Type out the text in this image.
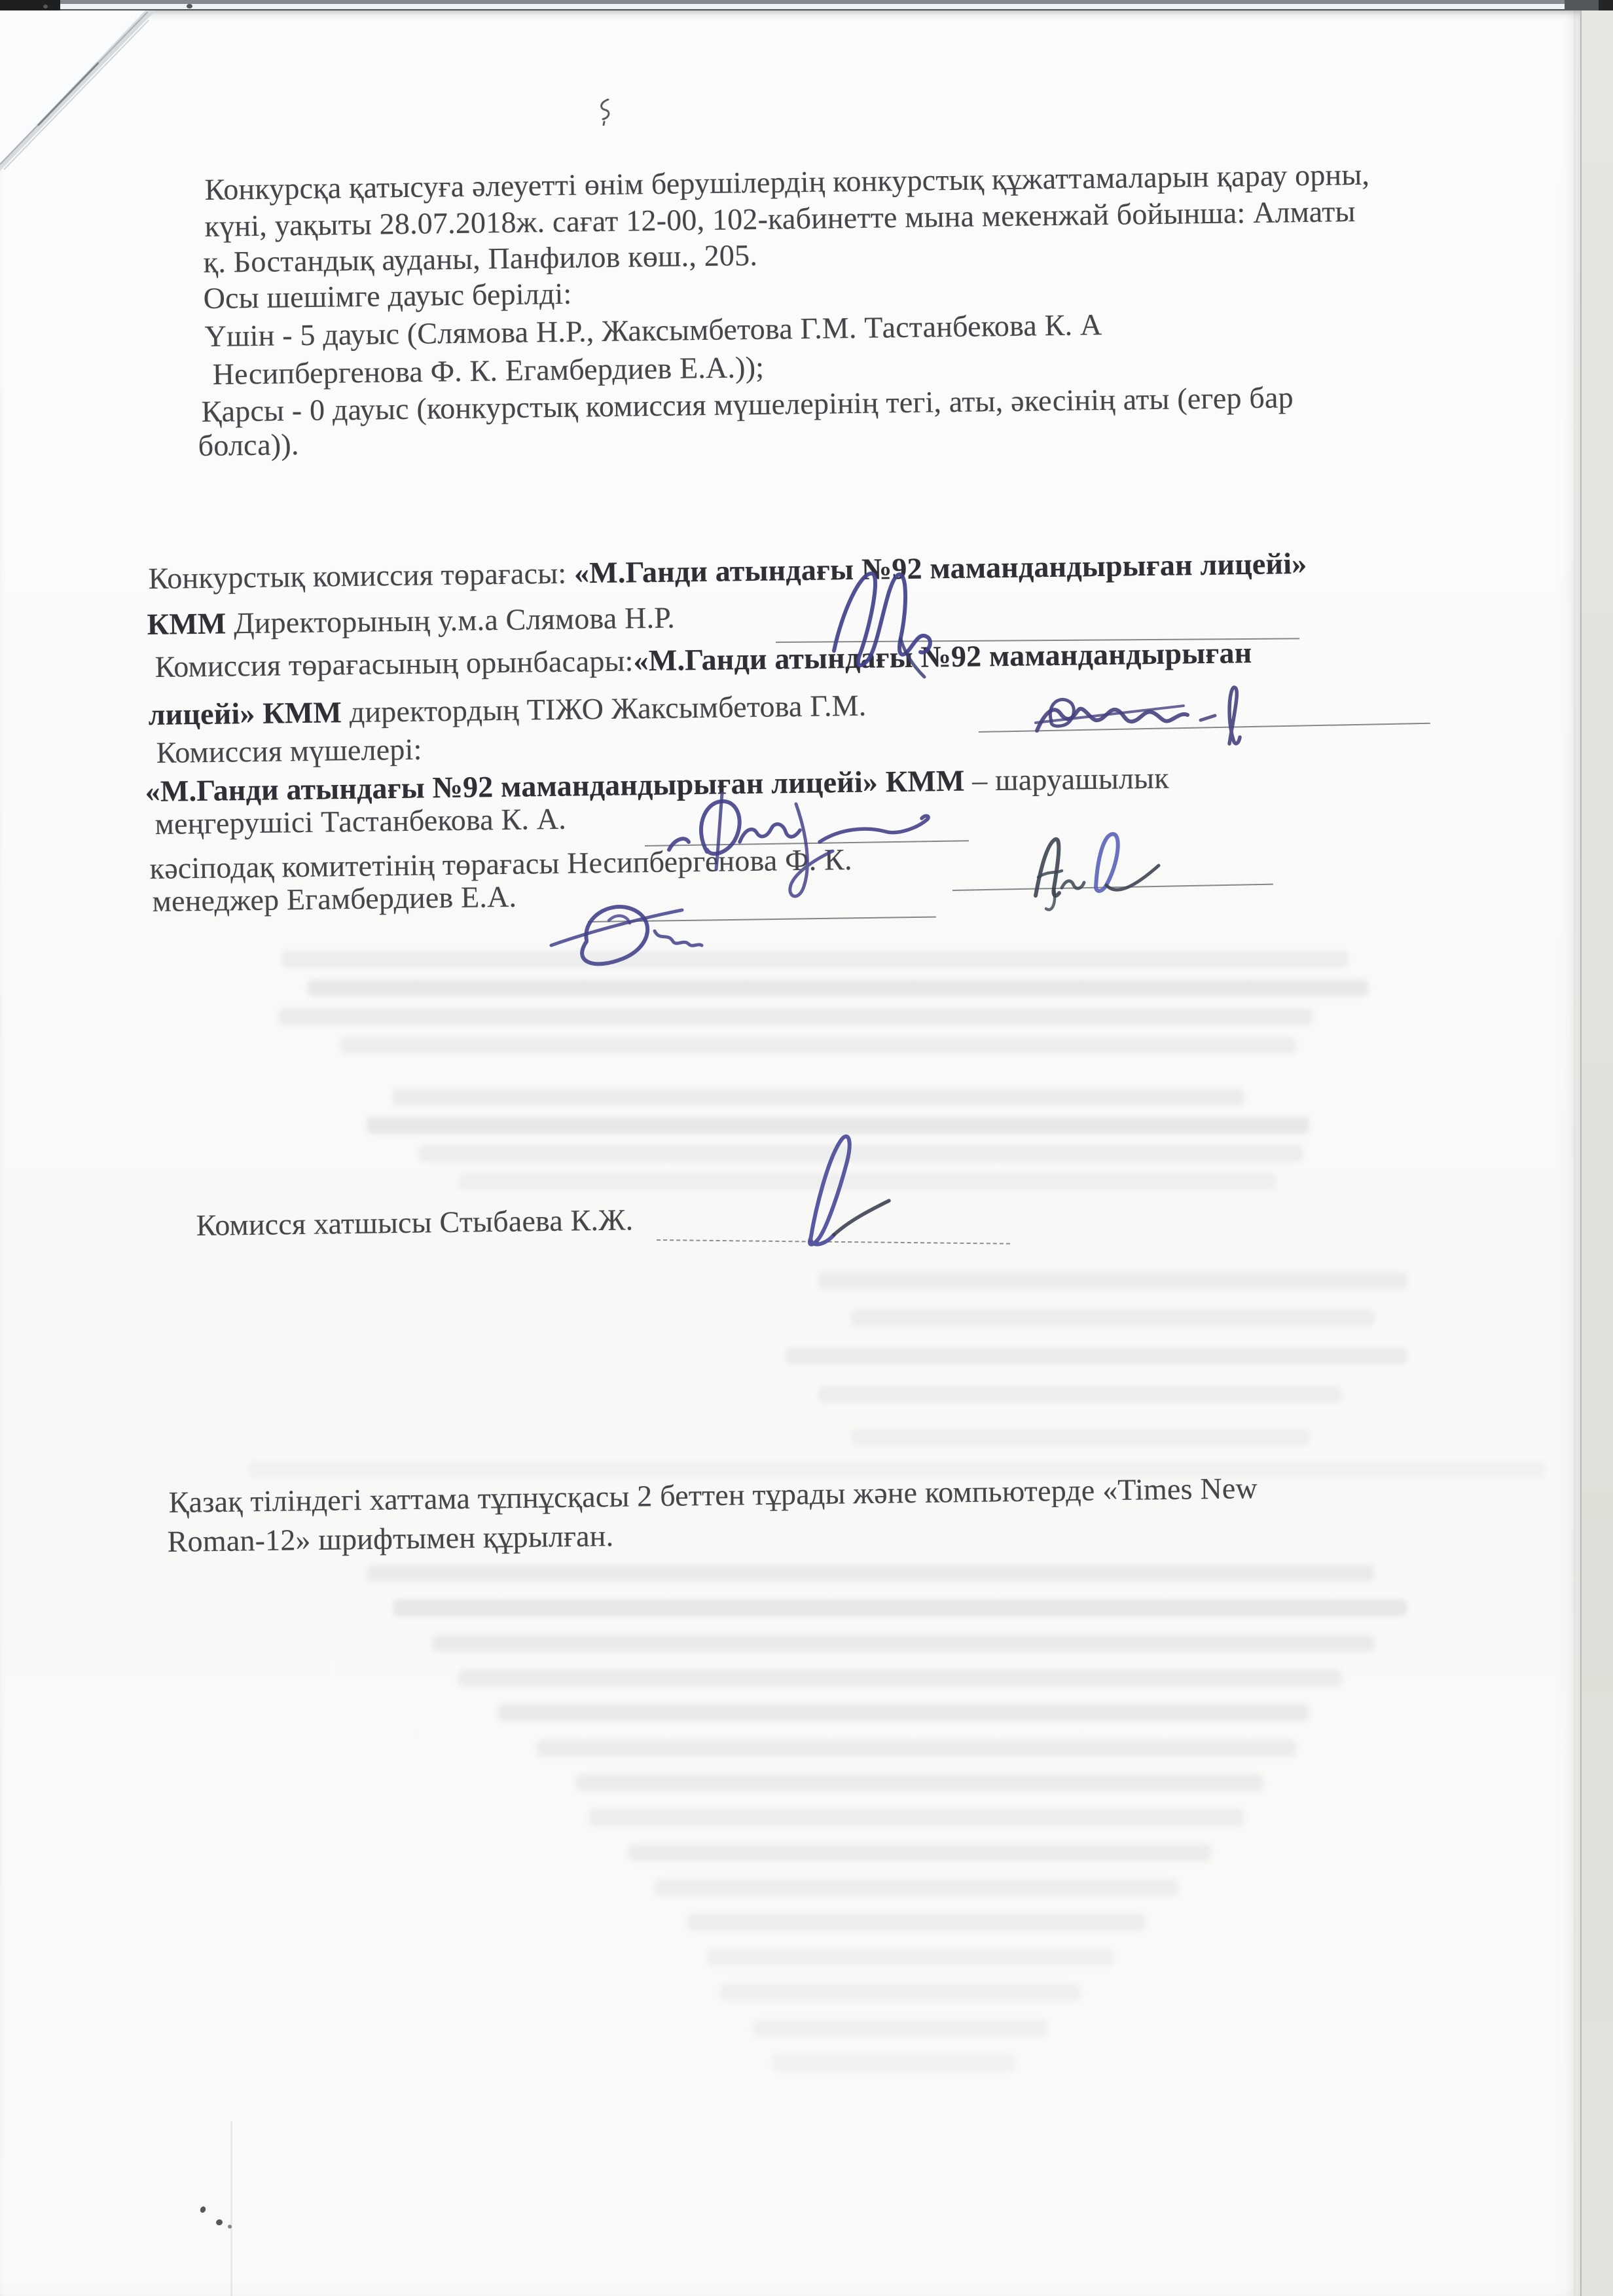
Конкурсқа қатысуға әлеуетті өнім берушілердің конкурстық құжаттамаларын қарау орны,
күні, уақыты 28.07.2018ж. сағат 12-00, 102-кабинетте мына мекенжай бойынша: Алматы
қ. Бостандық ауданы, Панфилов көш., 205.
Осы шешімге дауыс берілді:
Үшін - 5 дауыс (Слямова Н.Р., Жаксымбетова Г.М. Тастанбекова К. А
Несипбергенова Ф. К. Егамбердиев Е.А.));
Қарсы - 0 дауыс (конкурстық комиссия мүшелерінің тегі, аты, әкесінің аты (егер бар
болса)).
Конкурстық комиссия төрағасы: «М.Ганди атындағы №92 мамандандырыған лицейі»
КММ Директорының у.м.а Слямова Н.Р.
Комиссия төрағасының орынбасары:«М.Ганди атындағы №92 мамандандырыған
лицейі» КММ директордың ТІЖО Жаксымбетова Г.М.
Комиссия мүшелері:
«М.Ганди атындағы №92 мамандандырыған лицейі» КММ – шаруашылык
меңгерушісі Тастанбекова К. А.
кәсіподақ комитетінің төрағасы Несипбергенова Ф. К.
менеджер Егамбердиев Е.А.
Комисся хатшысы Стыбаева К.Ж.
Қазақ тіліндегі хаттама тұпнұсқасы 2 беттен тұрады және компьютерде «Times New
Roman-12» шрифтымен құрылған.
